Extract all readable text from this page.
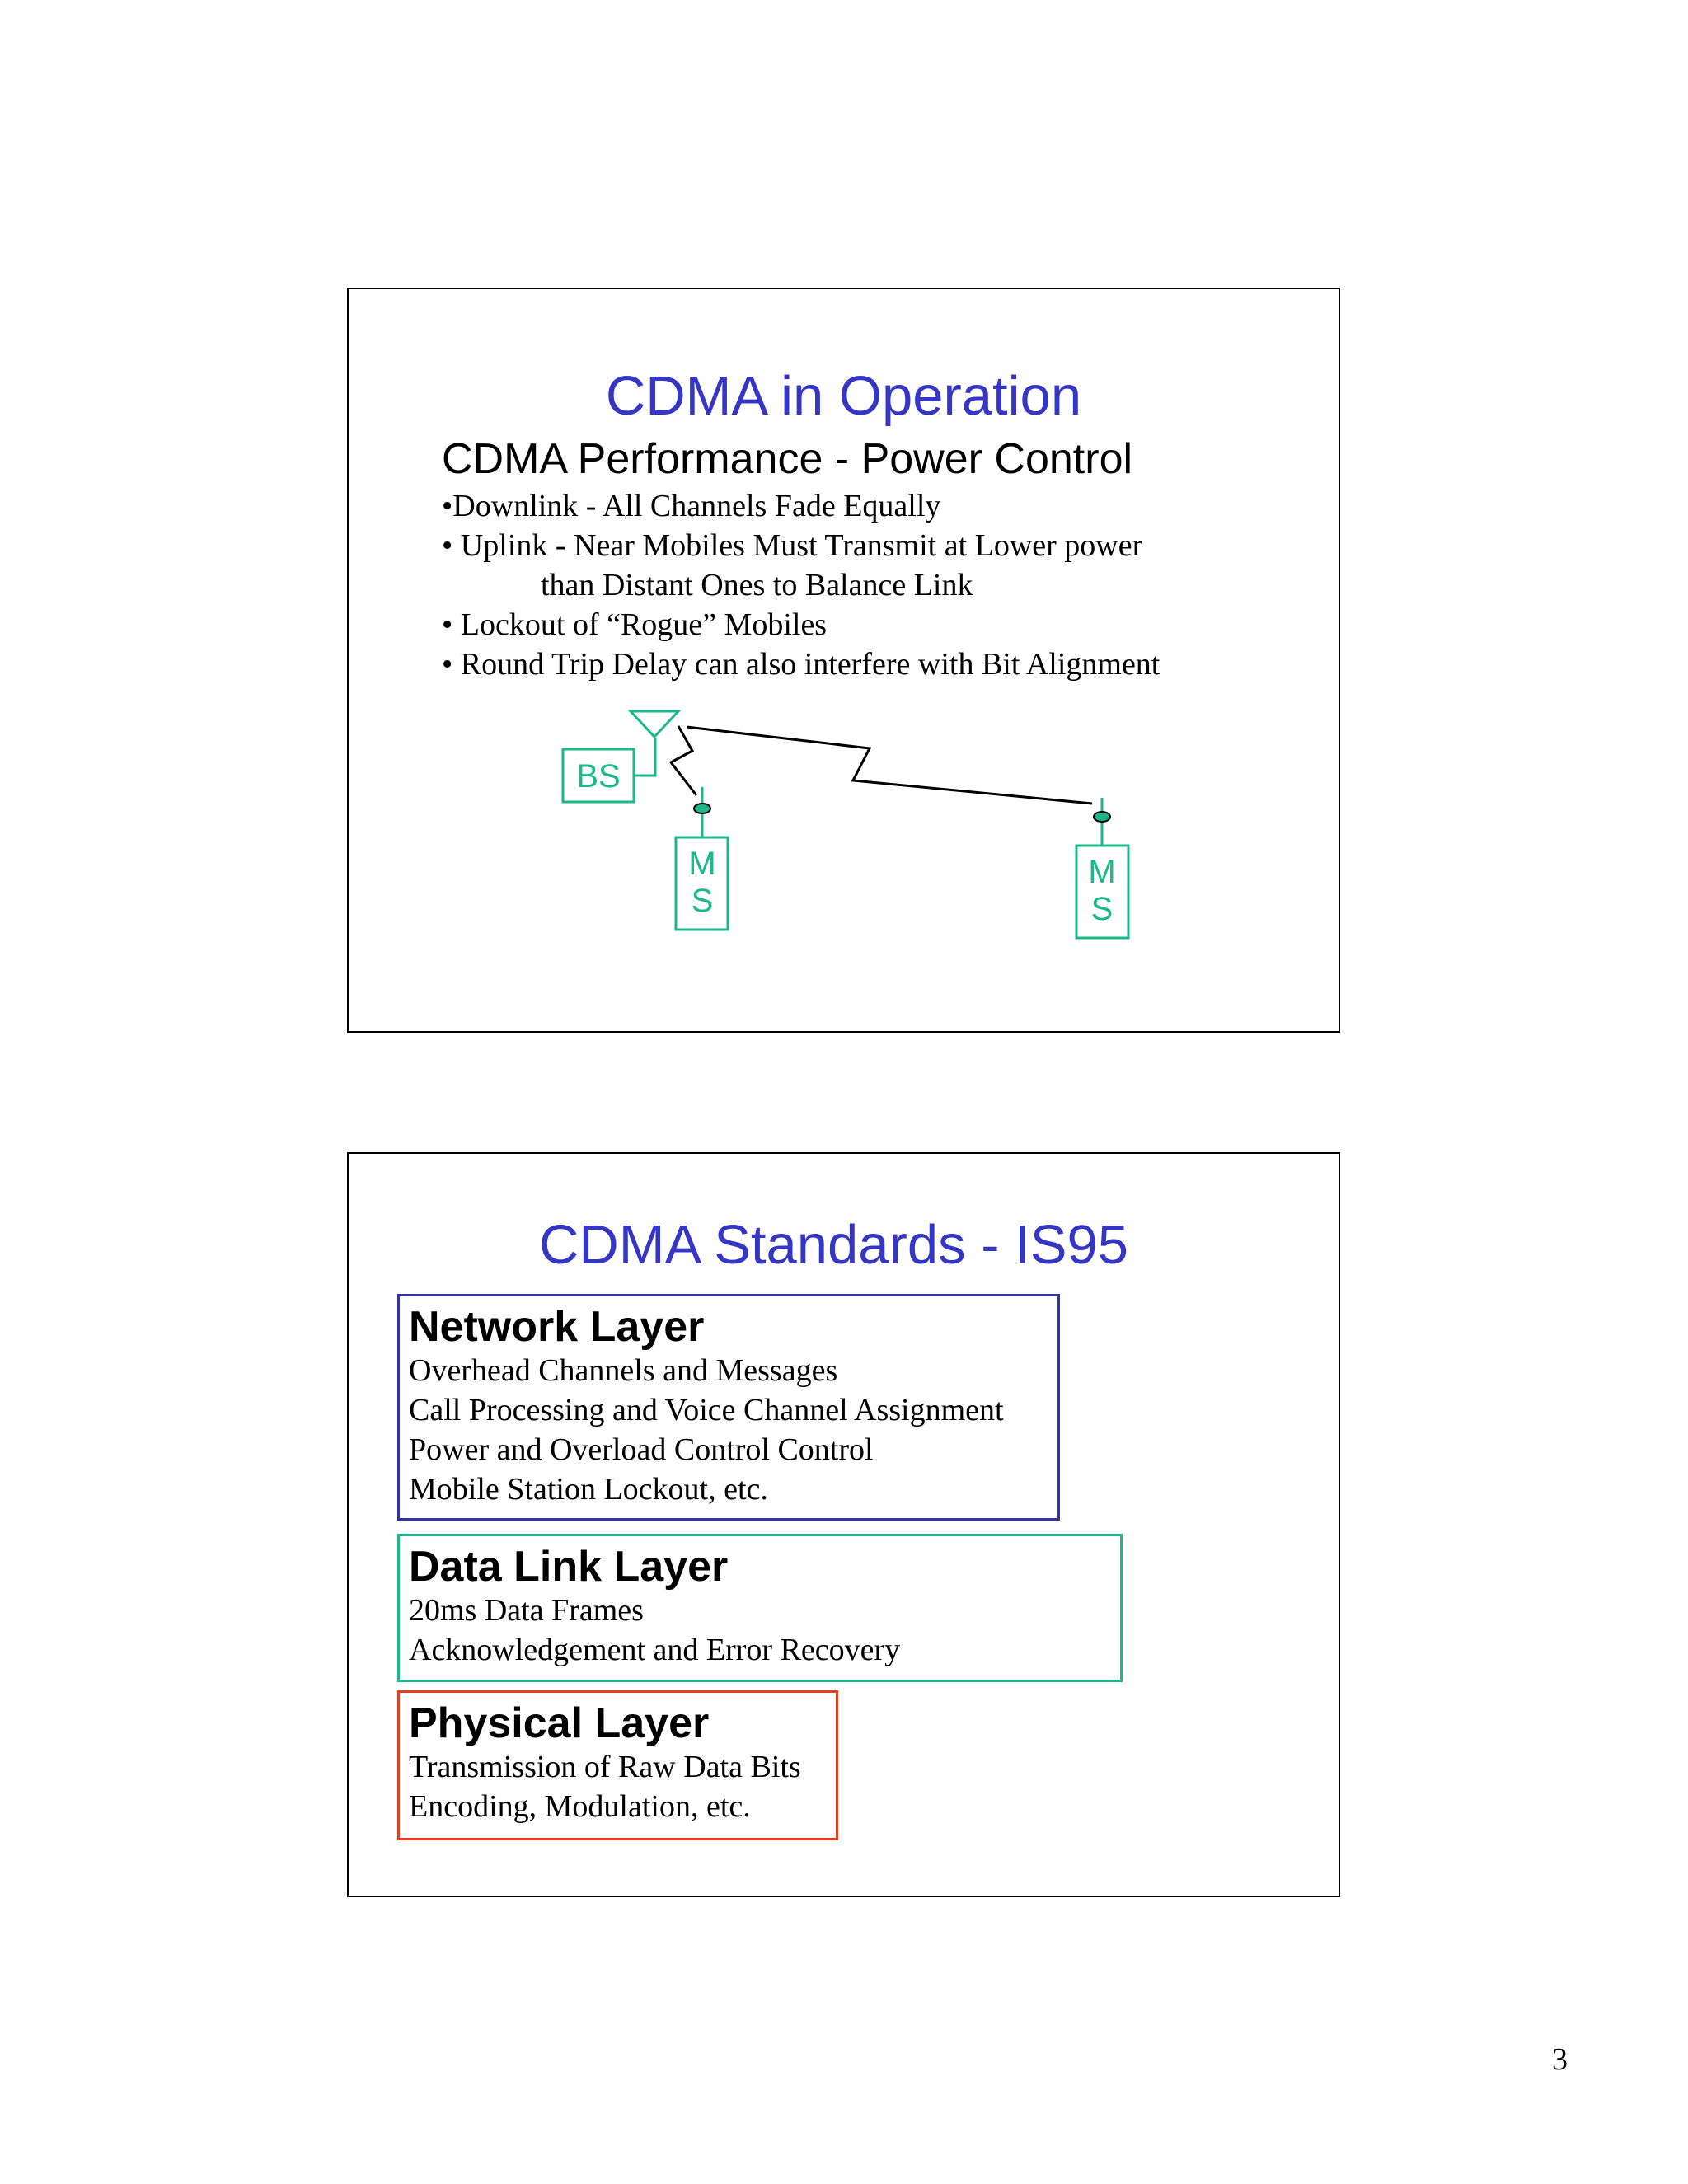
CDMA in Operation
CDMA Performance - Power Control
•Downlink - All Channels Fade Equally
• Uplink - Near Mobiles Must Transmit at Lower power
than Distant Ones to Balance Link
• Lockout of “Rogue” Mobiles
• Round Trip Delay can also interfere with Bit Alignment
BS
M
S
M
S
CDMA Standards - IS95
Network Layer
Overhead Channels and Messages
Call Processing and Voice Channel Assignment
Power and Overload Control Control
Mobile Station Lockout, etc.
Data Link Layer
20ms Data Frames
Acknowledgement and Error Recovery
Physical Layer
Transmission of Raw Data Bits
Encoding, Modulation, etc.
3
